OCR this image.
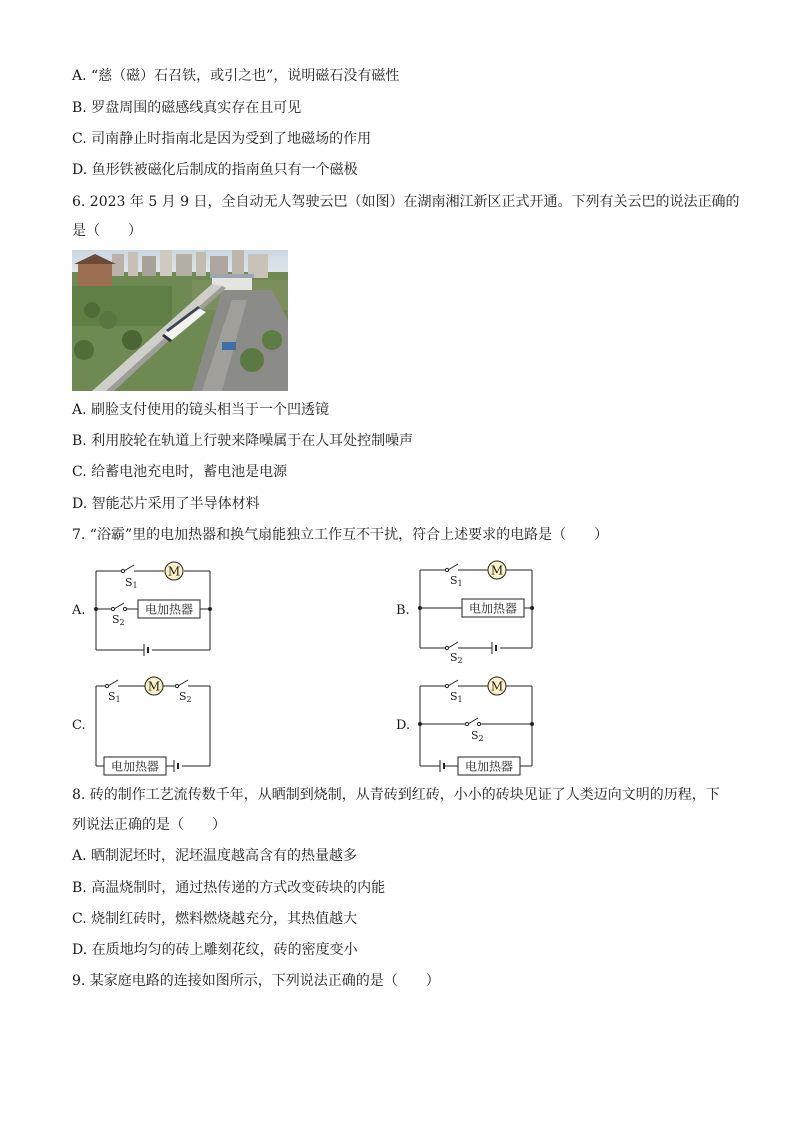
A. “慈（磁）石召铁，或引之也”，说明磁石没有磁性
B. 罗盘周围的磁感线真实存在且可见
C. 司南静止时指南北是因为受到了地磁场的作用
D. 鱼形铁被磁化后制成的指南鱼只有一个磁极
6. 2023 年 5 月 9 日，全自动无人驾驶云巴（如图）在湖南湘江新区正式开通。下列有关云巴的说法正确的
是（　　）
A. 刷脸支付使用的镜头相当于一个凹透镜
B. 利用胶轮在轨道上行驶来降噪属于在人耳处控制噪声
C. 给蓄电池充电时，蓄电池是电源
D. 智能芯片采用了半导体材料
7. “浴霸”里的电加热器和换气扇能独立工作互不干扰，符合上述要求的电路是（　　）
A.
M
S1
S2
电加热器	B.
M
S1
S2
电加热器
C.
M
S1	S2
电加热器
D.
M
S1
S2
电加热器
8. 砖的制作工艺流传数千年，从晒制到烧制，从青砖到红砖，小小的砖块见证了人类迈向文明的历程，下
列说法正确的是（　　）
A. 晒制泥坯时，泥坯温度越高含有的热量越多
B. 高温烧制时，通过热传递的方式改变砖块的内能
C. 烧制红砖时，燃料燃烧越充分，其热值越大
D. 在质地均匀的砖上雕刻花纹，砖的密度变小
9. 某家庭电路的连接如图所示，下列说法正确的是（　　）
